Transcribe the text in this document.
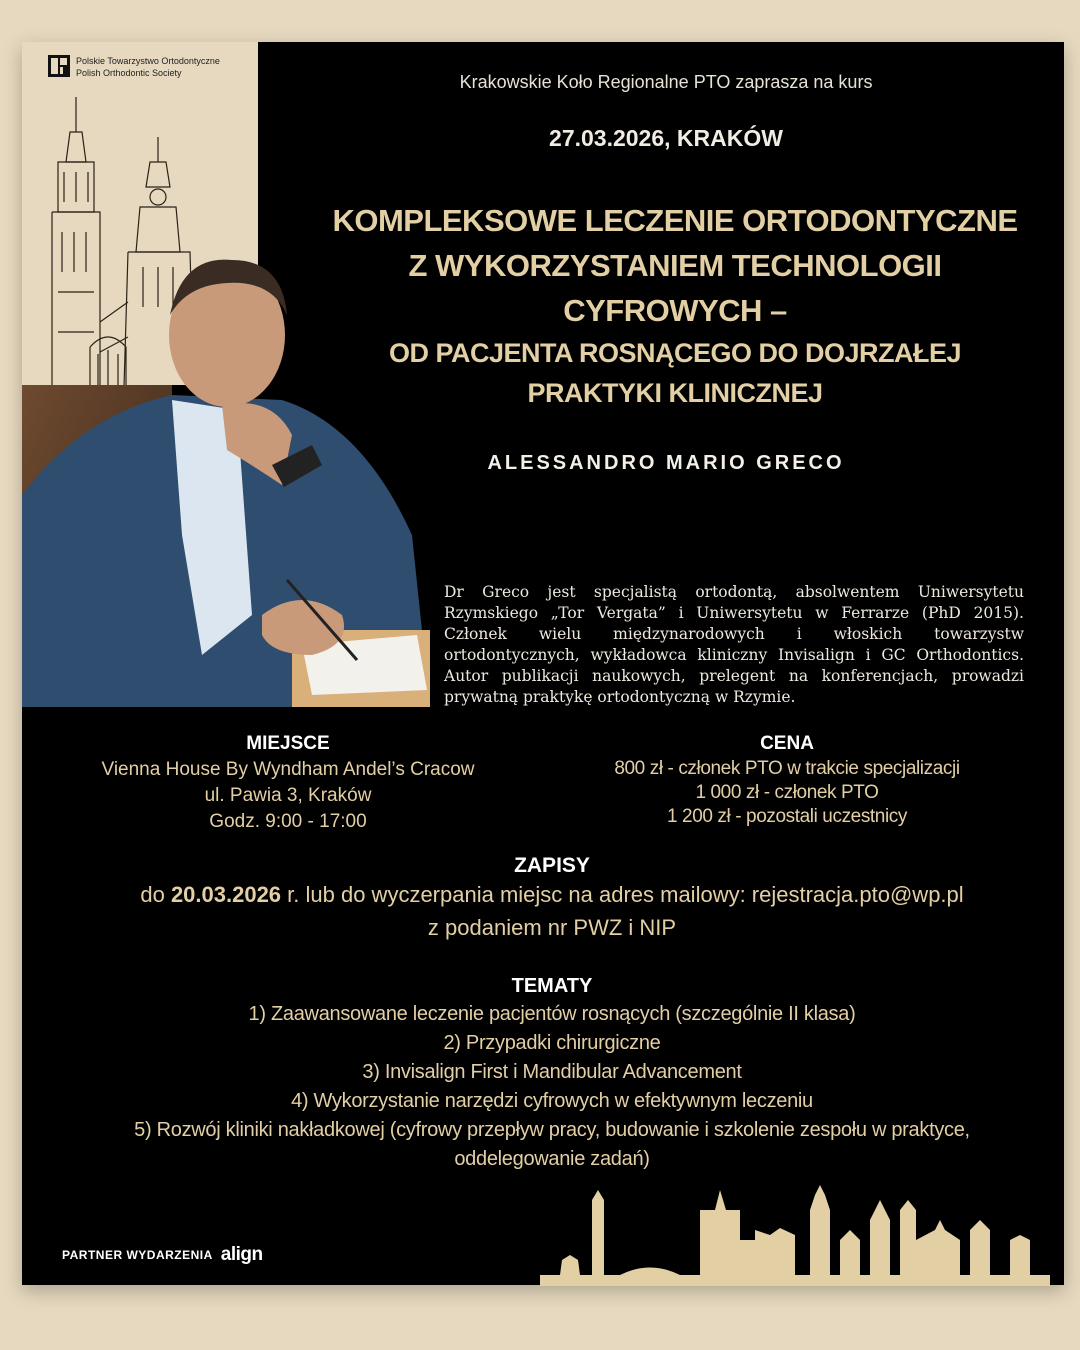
Polskie Towarzystwo Ortodontyczne
Polish Orthodontic Society	Krakowskie Koło Regionalne PTO zaprasza na kurs
27.03.2026, KRAKÓW
KOMPLEKSOWE LECZENIE ORTODONTYCZNE
Z WYKORZYSTANIEM TECHNOLOGII
CYFROWYCH –
OD PACJENTA ROSNĄCEGO DO DOJRZAŁEJ
PRAKTYKI KLINICZNEJ
ALESSANDRO MARIO GRECO
Dr Greco jest specjalistą ortodontą, absolwentem Uniwersytetu Rzymskiego „Tor Vergata” i Uniwersytetu w Ferrarze (PhD 2015). Członek wielu międzynarodowych i włoskich towarzystw ortodontycznych, wykładowca kliniczny Invisalign i GC Orthodontics. Autor publikacji naukowych, prelegent na konferencjach, prowadzi prywatną praktykę ortodontyczną w Rzymie.
MIEJSCE
Vienna House By Wyndham Andel’s Cracow
ul. Pawia 3, Kraków
Godz. 9:00 - 17:00
CENA
800 zł - członek PTO w trakcie specjalizacji
1 000 zł - członek PTO
1 200 zł - pozostali uczestnicy
ZAPISY
do 20.03.2026 r. lub do wyczerpania miejsc na adres mailowy: rejestracja.pto@wp.pl
z podaniem nr PWZ i NIP
TEMATY
1) Zaawansowane leczenie pacjentów rosnących (szczególnie II klasa)
2) Przypadki chirurgiczne
3) Invisalign First i Mandibular Advancement
4) Wykorzystanie narzędzi cyfrowych w efektywnym leczeniu
5) Rozwój kliniki nakładkowej (cyfrowy przepływ pracy, budowanie i szkolenie zespołu w praktyce,
oddelegowanie zadań)
PARTNER WYDARZENIA align
